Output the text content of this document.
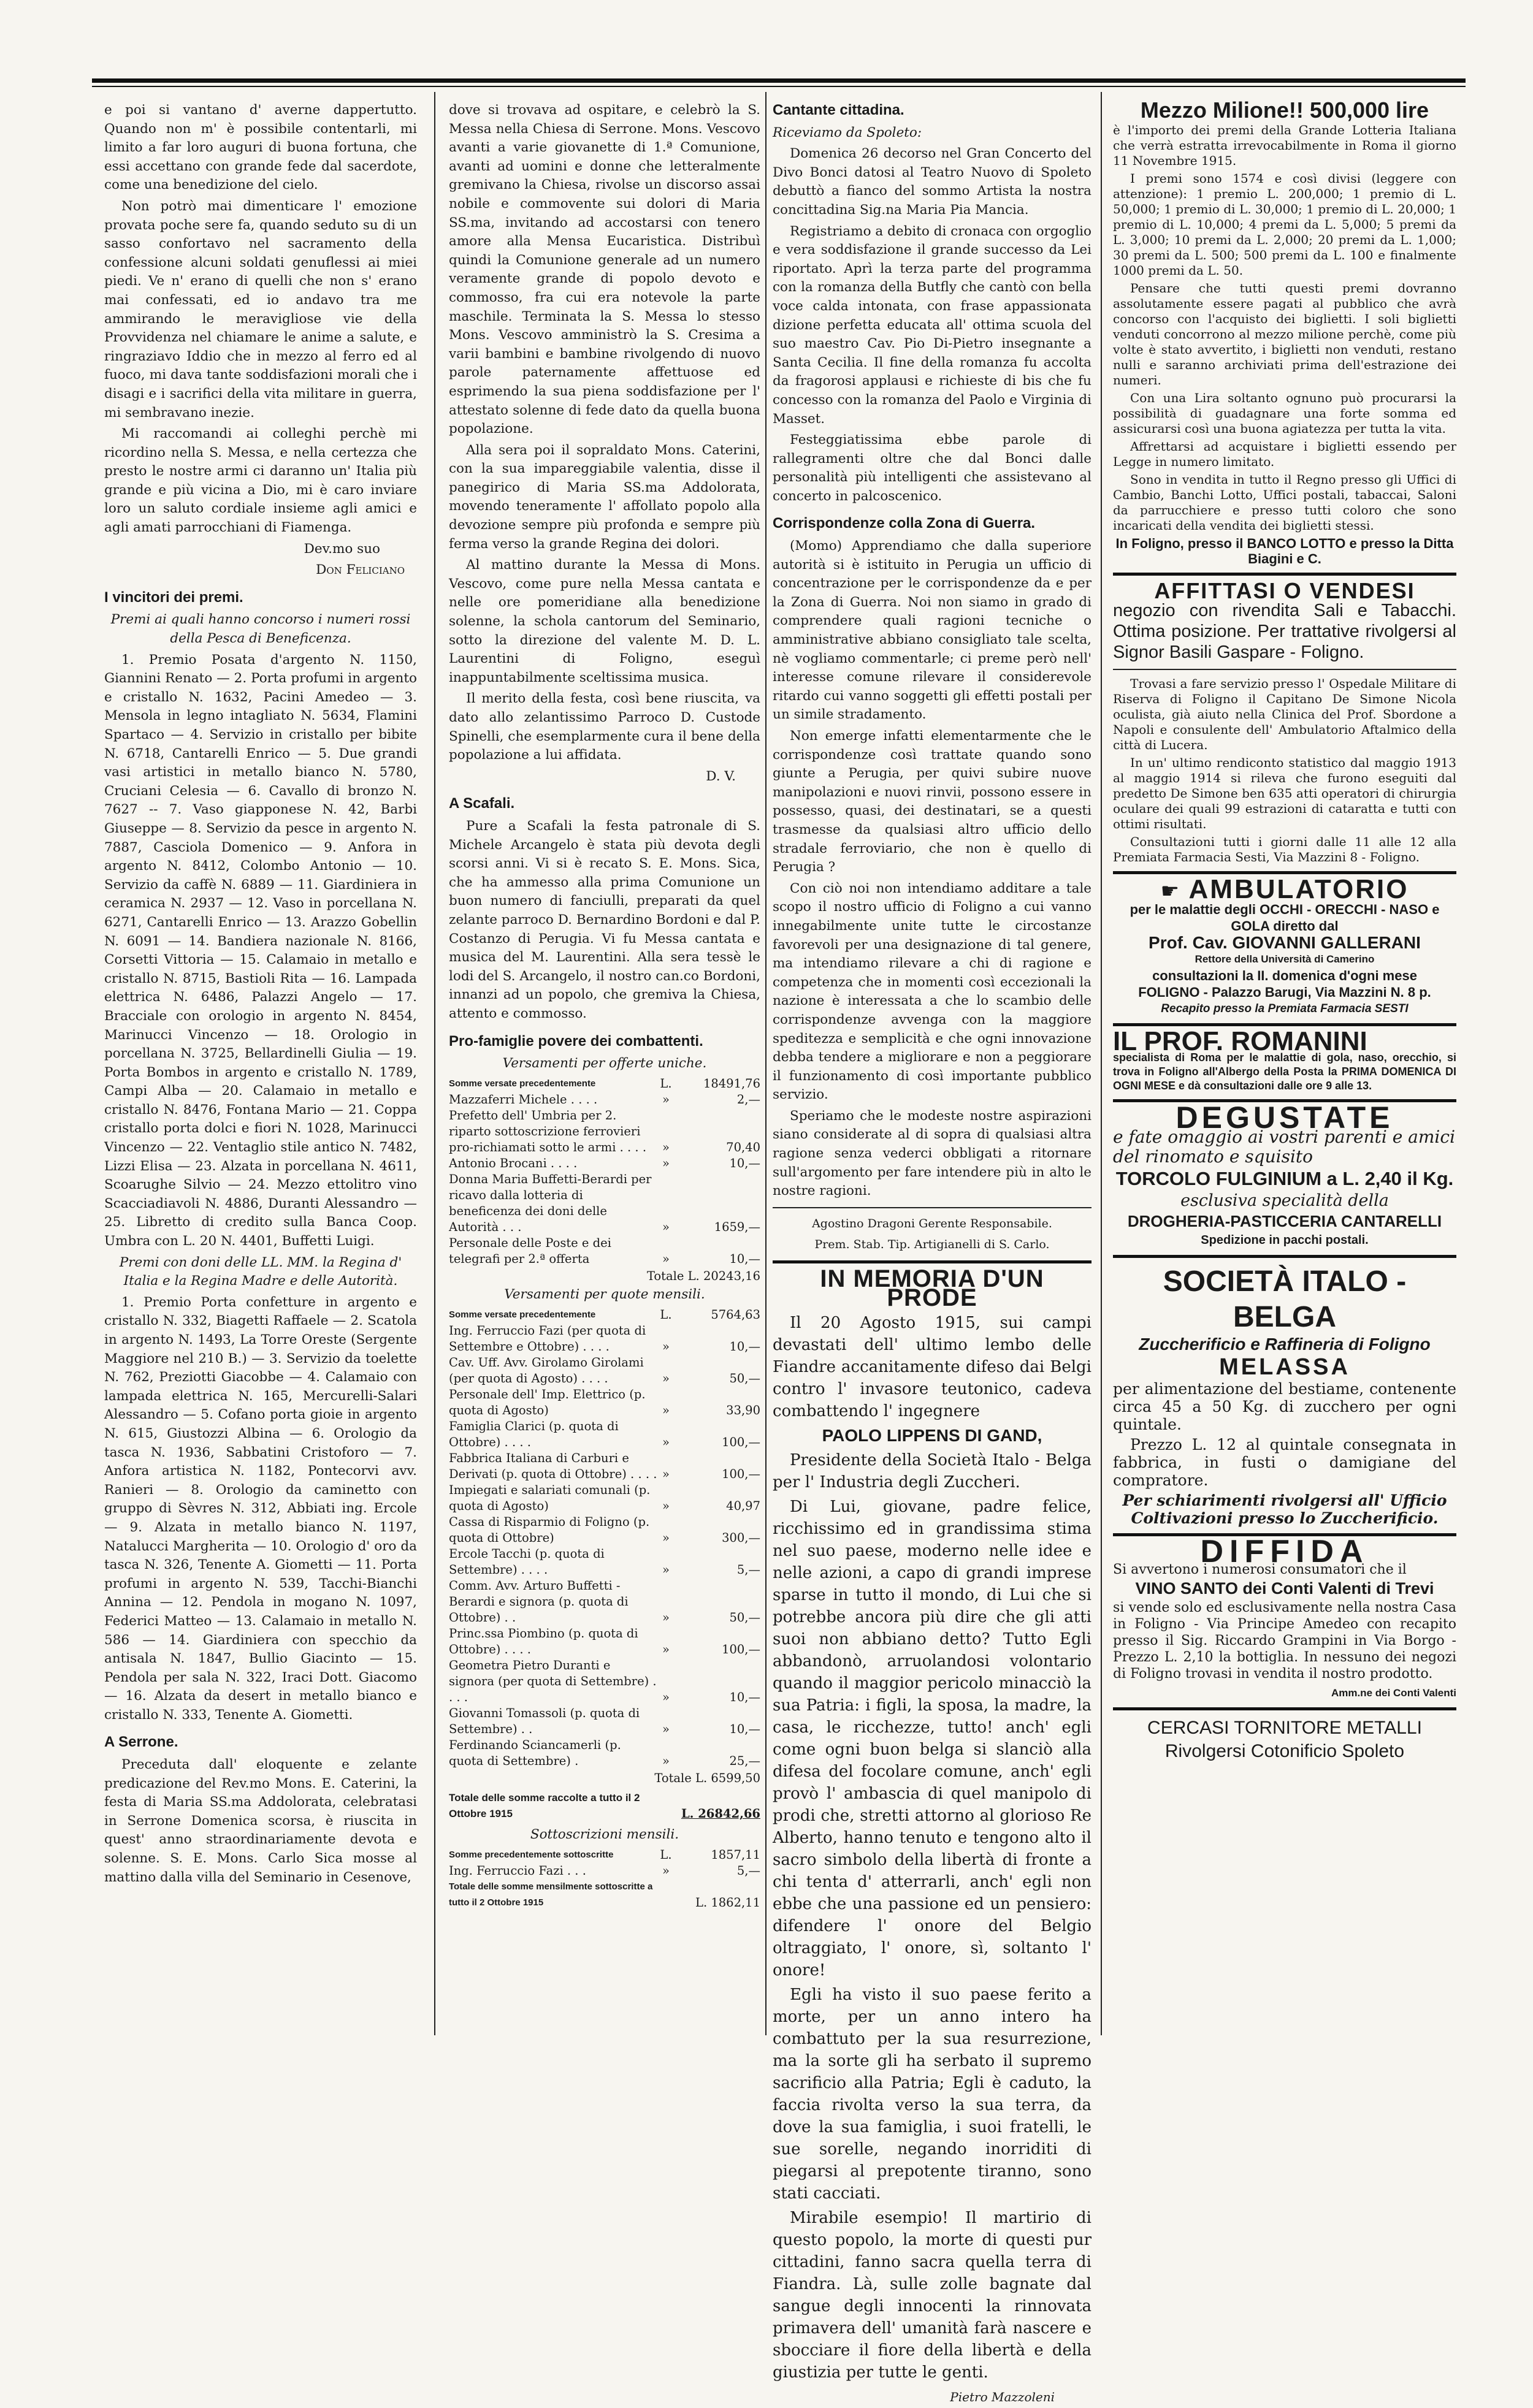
e poi si vantano d' averne dappertutto. Quando non m' è possibile contentarli, mi limito a far loro auguri di buona fortuna, che essi accettano con grande fede dal sacerdote, come una benedizione del cielo.

Non potrò mai dimenticare l' emozione provata poche sere fa, quando seduto su di un sasso confortavo nel sacramento della confessione alcuni soldati genuflessi ai miei piedi. Ve n' erano di quelli che non s' erano mai confessati, ed io andavo tra me ammirando le meravigliose vie della Provvidenza nel chiamare le anime a salute, e ringraziavo Iddio che in mezzo al ferro ed al fuoco, mi dava tante soddisfazioni morali che i disagi e i sacrifici della vita militare in guerra, mi sembravano inezie.

Mi raccomandi ai colleghi perchè mi ricordino nella S. Messa, e nella certezza che presto le nostre armi ci daranno un' Italia più grande e più vicina a Dio, mi è caro inviare loro un saluto cordiale insieme agli amici e agli amati parrocchiani di Fiamenga.

Dev.mo suo

Don Feliciano

I vincitori dei premi.

Premi ai quali hanno concorso i numeri rossi della Pesca di Beneficenza.

1. Premio Posata d'argento N. 1150, Giannini Renato — 2. Porta profumi in argento e cristallo N. 1632, Pacini Amedeo — 3. Mensola in legno intagliato N. 5634, Flamini Spartaco — 4. Servizio in cristallo per bibite N. 6718, Cantarelli Enrico — 5. Due grandi vasi artistici in metallo bianco N. 5780, Cruciani Celesia — 6. Cavallo di bronzo N. 7627 -- 7. Vaso giapponese N. 42, Barbi Giuseppe — 8. Servizio da pesce in argento N. 7887, Casciola Domenico — 9. Anfora in argento N. 8412, Colombo Antonio — 10. Servizio da caffè N. 6889 — 11. Giardiniera in ceramica N. 2937 — 12. Vaso in porcellana N. 6271, Cantarelli Enrico — 13. Arazzo Gobellin N. 6091 — 14. Bandiera nazionale N. 8166, Corsetti Vittoria — 15. Calamaio in metallo e cristallo N. 8715, Bastioli Rita — 16. Lampada elettrica N. 6486, Palazzi Angelo — 17. Bracciale con orologio in argento N. 8454, Marinucci Vincenzo — 18. Orologio in porcellana N. 3725, Bellardinelli Giulia — 19. Porta Bombos in argento e cristallo N. 1789, Campi Alba — 20. Calamaio in metallo e cristallo N. 8476, Fontana Mario — 21. Coppa cristallo porta dolci e fiori N. 1028, Marinucci Vincenzo — 22. Ventaglio stile antico N. 7482, Lizzi Elisa — 23. Alzata in porcellana N. 4611, Scoarughe Silvio — 24. Mezzo ettolitro vino Scacciadiavoli N. 4886, Duranti Alessandro — 25. Libretto di credito sulla Banca Coop. Umbra con L. 20 N. 4401, Buffetti Luigi.

Premi con doni delle LL. MM. la Regina d' Italia e la Regina Madre e delle Autorità.

1. Premio Porta confetture in argento e cristallo N. 332, Biagetti Raffaele — 2. Scatola in argento N. 1493, La Torre Oreste (Sergente Maggiore nel 210 B.) — 3. Servizio da toelette N. 762, Preziotti Giacobbe — 4. Calamaio con lampada elettrica N. 165, Mercurelli-Salari Alessandro — 5. Cofano porta gioie in argento N. 615, Giustozzi Albina — 6. Orologio da tasca N. 1936, Sabbatini Cristoforo — 7. Anfora artistica N. 1182, Pontecorvi avv. Ranieri — 8. Orologio da caminetto con gruppo di Sèvres N. 312, Abbiati ing. Ercole — 9. Alzata in metallo bianco N. 1197, Natalucci Margherita — 10. Orologio d' oro da tasca N. 326, Tenente A. Giometti — 11. Porta profumi in argento N. 539, Tacchi-Bianchi Annina — 12. Pendola in mogano N. 1097, Federici Matteo — 13. Calamaio in metallo N. 586 — 14. Giardiniera con specchio da antisala N. 1847, Bullio Giacinto — 15. Pendola per sala N. 322, Iraci Dott. Giacomo — 16. Alzata da desert in metallo bianco e cristallo N. 333, Tenente A. Giometti.

A Serrone.

Preceduta dall' eloquente e zelante predicazione del Rev.mo Mons. E. Caterini, la festa di Maria SS.ma Addolorata, celebratasi in Serrone Domenica scorsa, è riuscita in quest' anno straordinariamente devota e solenne. S. E. Mons. Carlo Sica mosse al mattino dalla villa del Seminario in Cesenove,

dove si trovava ad ospitare, e celebrò la S. Messa nella Chiesa di Serrone. Mons. Vescovo avanti a varie giovanette di 1.ª Comunione, avanti ad uomini e donne che letteralmente gremivano la Chiesa, rivolse un discorso assai nobile e commovente sui dolori di Maria SS.ma, invitando ad accostarsi con tenero amore alla Mensa Eucaristica. Distribuì quindi la Comunione generale ad un numero veramente grande di popolo devoto e commosso, fra cui era notevole la parte maschile. Terminata la S. Messa lo stesso Mons. Vescovo amministrò la S. Cresima a varii bambini e bambine rivolgendo di nuovo parole paternamente affettuose ed esprimendo la sua piena soddisfazione per l' attestato solenne di fede dato da quella buona popolazione.

Alla sera poi il sopraldato Mons. Caterini, con la sua impareggiabile valentia, disse il panegirico di Maria SS.ma Addolorata, movendo teneramente l' affollato popolo alla devozione sempre più profonda e sempre più ferma verso la grande Regina dei dolori.

Al mattino durante la Messa di Mons. Vescovo, come pure nella Messa cantata e nelle ore pomeridiane alla benedizione solenne, la schola cantorum del Seminario, sotto la direzione del valente M. D. L. Laurentini di Foligno, eseguì inappuntabilmente sceltissima musica.

Il merito della festa, così bene riuscita, va dato allo zelantissimo Parroco D. Custode Spinelli, che esemplarmente cura il bene della popolazione a lui affidata.

D. V.

A Scafali.

Pure a Scafali la festa patronale di S. Michele Arcangelo è stata più devota degli scorsi anni. Vi si è recato S. E. Mons. Sica, che ha ammesso alla prima Comunione un buon numero di fanciulli, preparati da quel zelante parroco D. Bernardino Bordoni e dal P. Costanzo di Perugia. Vi fu Messa cantata e musica del M. Laurentini. Alla sera tessè le lodi del S. Arcangelo, il nostro can.co Bordoni, innanzi ad un popolo, che gremiva la Chiesa, attento e commosso.

Pro-famiglie povere dei combattenti.

Versamenti per offerte uniche.

Somme versate precedentemente	L.	18491,76
Mazzaferri Michele . . . .	»	2,—
Prefetto dell' Umbria per 2. riparto sottoscrizione ferrovieri pro-richiamati sotto le armi . . . .	»	70,40
Antonio Brocani . . . .	»	10,—
Donna Maria Buffetti-Berardi per ricavo dalla lotteria di beneficenza dei doni delle Autorità . . .	»	1659,—
Personale delle Poste e dei telegrafi per 2.ª offerta	»	10,—
Totale L. 20243,16

Versamenti per quote mensili.

Somme versate precedentemente	L.	5764,63
Ing. Ferruccio Fazi (per quota di Settembre e Ottobre) . . . .	»	10,—
Cav. Uff. Avv. Girolamo Girolami (per quota di Agosto) . . . .	»	50,—
Personale dell' Imp. Elettrico (p. quota di Agosto)	»	33,90
Famiglia Clarici (p. quota di Ottobre) . . . .	»	100,—
Fabbrica Italiana di Carburi e Derivati (p. quota di Ottobre) . . . .	»	100,—
Impiegati e salariati comunali (p. quota di Agosto)	»	40,97
Cassa di Risparmio di Foligno (p. quota di Ottobre)	»	300,—
Ercole Tacchi (p. quota di Settembre) . . . .	»	5,—
Comm. Avv. Arturo Buffetti - Berardi e signora (p. quota di Ottobre) . .	»	50,—
Princ.ssa Piombino (p. quota di Ottobre) . . . .	»	100,—
Geometra Pietro Duranti e signora (per quota di Settembre) . . . .	»	10,—
Giovanni Tomassoli (p. quota di Settembre) . .	»	10,—
Ferdinando Sciancamerli (p. quota di Settembre) .	»	25,—
Totale L. 6599,50
Totale delle somme raccolte a tutto il 2 Ottobre 1915	L. 26842,66

Sottoscrizioni mensili.

Somme precedentemente sottoscritte	L.	1857,11
Ing. Ferruccio Fazi . . .	»	5,—
Totale delle somme mensilmente sottoscritte a tutto il 2 Ottobre 1915	L. 1862,11
Cantante cittadina.

Riceviamo da Spoleto:

Domenica 26 decorso nel Gran Concerto del Divo Bonci datosi al Teatro Nuovo di Spoleto debuttò a fianco del sommo Artista la nostra concittadina Sig.na Maria Pia Mancia.

Registriamo a debito di cronaca con orgoglio e vera soddisfazione il grande successo da Lei riportato. Aprì la terza parte del programma con la romanza della Butfly che cantò con bella voce calda intonata, con frase appassionata dizione perfetta educata all' ottima scuola del suo maestro Cav. Pio Di-Pietro insegnante a Santa Cecilia. Il fine della romanza fu accolta da fragorosi applausi e richieste di bis che fu concesso con la romanza del Paolo e Virginia di Masset.

Festeggiatissima ebbe parole di rallegramenti oltre che dal Bonci dalle personalità più intelligenti che assistevano al concerto in palcoscenico.

Corrispondenze colla Zona di Guerra.

(Momo) Apprendiamo che dalla superiore autorità si è istituito in Perugia un ufficio di concentrazione per le corrispondenze da e per la Zona di Guerra. Noi non siamo in grado di comprendere quali ragioni tecniche o amministrative abbiano consigliato tale scelta, nè vogliamo commentarle; ci preme però nell' interesse comune rilevare il considerevole ritardo cui vanno soggetti gli effetti postali per un simile stradamento.

Non emerge infatti elementarmente che le corrispondenze così trattate quando sono giunte a Perugia, per quivi subire nuove manipolazioni e nuovi rinvii, possono essere in possesso, quasi, dei destinatari, se a questi trasmesse da qualsiasi altro ufficio dello stradale ferroviario, che non è quello di Perugia ?

Con ciò noi non intendiamo additare a tale scopo il nostro ufficio di Foligno a cui vanno innegabilmente unite tutte le circostanze favorevoli per una designazione di tal genere, ma intendiamo rilevare a chi di ragione e competenza che in momenti così eccezionali la nazione è interessata a che lo scambio delle corrispondenze avvenga con la maggiore speditezza e semplicità e che ogni innovazione debba tendere a migliorare e non a peggiorare il funzionamento di così importante pubblico servizio.

Speriamo che le modeste nostre aspirazioni siano considerate al di sopra di qualsiasi altra ragione senza vederci obbligati a ritornare sull'argomento per fare intendere più in alto le nostre ragioni.

Agostino Dragoni Gerente Responsabile.

Prem. Stab. Tip. Artigianelli di S. Carlo.

IN MEMORIA D'UN PRODE

Il 20 Agosto 1915, sui campi devastati dell' ultimo lembo delle Fiandre accanitamente difeso dai Belgi contro l' invasore teutonico, cadeva combattendo l' ingegnere

PAOLO LIPPENS DI GAND,

Presidente della Società Italo - Belga per l' Industria degli Zuccheri.

Di Lui, giovane, padre felice, ricchissimo ed in grandissima stima nel suo paese, moderno nelle idee e nelle azioni, a capo di grandi imprese sparse in tutto il mondo, di Lui che si potrebbe ancora più dire che gli atti suoi non abbiano detto? Tutto Egli abbandonò, arruolandosi volontario quando il maggior pericolo minacciò la sua Patria: i figli, la sposa, la madre, la casa, le ricchezze, tutto! anch' egli come ogni buon belga si slanciò alla difesa del focolare comune, anch' egli provò l' ambascia di quel manipolo di prodi che, stretti attorno al glorioso Re Alberto, hanno tenuto e tengono alto il sacro simbolo della libertà di fronte a chi tenta d' atterrarli, anch' egli non ebbe che una passione ed un pensiero: difendere l' onore del Belgio oltraggiato, l' onore, sì, soltanto l' onore!

Egli ha visto il suo paese ferito a morte, per un anno intero ha combattuto per la sua resurrezione, ma la sorte gli ha serbato il supremo sacrificio alla Patria; Egli è caduto, la faccia rivolta verso la sua terra, da dove la sua famiglia, i suoi fratelli, le sue sorelle, negando inorriditi di piegarsi al prepotente tiranno, sono stati cacciati.

Mirabile esempio! Il martirio di questo popolo, la morte di questi pur cittadini, fanno sacra quella terra di Fiandra. Là, sulle zolle bagnate dal sangue degli innocenti la rinnovata primavera dell' umanità farà nascere e sbocciare il fiore della libertà e della giustizia per tutte le genti.

Pietro Mazzoleni

Mezzo Milione!! 500,000 lire

è l'importo dei premi della Grande Lotteria Italiana che verrà estratta irrevocabilmente in Roma il giorno 11 Novembre 1915.

I premi sono 1574 e così divisi (leggere con attenzione): 1 premio L. 200,000; 1 premio di L. 50,000; 1 premio di L. 30,000; 1 premio di L. 20,000; 1 premio di L. 10,000; 4 premi da L. 5,000; 5 premi da L. 3,000; 10 premi da L. 2,000; 20 premi da L. 1,000; 30 premi da L. 500; 500 premi da L. 100 e finalmente 1000 premi da L. 50.

Pensare che tutti questi premi dovranno assolutamente essere pagati al pubblico che avrà concorso con l'acquisto dei biglietti. I soli biglietti venduti concorrono al mezzo milione perchè, come più volte è stato avvertito, i biglietti non venduti, restano nulli e saranno archiviati prima dell'estrazione dei numeri.

Con una Lira soltanto ognuno può procurarsi la possibilità di guadagnare una forte somma ed assicurarsi così una buona agiatezza per tutta la vita.

Affrettarsi ad acquistare i biglietti essendo per Legge in numero limitato.

Sono in vendita in tutto il Regno presso gli Uffici di Cambio, Banchi Lotto, Uffici postali, tabaccai, Saloni da parrucchiere e presso tutti coloro che sono incaricati della vendita dei biglietti stessi.

In Foligno, presso il BANCO LOTTO e presso la Ditta Biagini e C.

AFFITTASI O VENDESI

negozio con rivendita Sali e Tabacchi. Ottima posizione. Per trattative rivolgersi al Signor Basili Gaspare - Foligno.

Trovasi a fare servizio presso l' Ospedale Militare di Riserva di Foligno il Capitano De Simone Nicola oculista, già aiuto nella Clinica del Prof. Sbordone a Napoli e consulente dell' Ambulatorio Aftalmico della città di Lucera.

In un' ultimo rendiconto statistico dal maggio 1913 al maggio 1914 si rileva che furono eseguiti dal predetto De Simone ben 635 atti operatori di chirurgia oculare dei quali 99 estrazioni di cataratta e tutti con ottimi risultati.

Consultazioni tutti i giorni dalle 11 alle 12 alla Premiata Farmacia Sesti, Via Mazzini 8 - Foligno.

☛ AMBULATORIO
per le malattie degli OCCHI - ORECCHI - NASO e GOLA diretto dal
Prof. Cav. GIOVANNI GALLERANI
Rettore della Università di Camerino
consultazioni la II. domenica d'ogni mese
FOLIGNO - Palazzo Barugi, Via Mazzini N. 8 p.
Recapito presso la Premiata Farmacia SESTI
IL PROF. ROMANINI

specialista di Roma per le malattie di gola, naso, orecchio, si trova in Foligno all'Albergo della Posta la PRIMA DOMENICA DI OGNI MESE e dà consultazioni dalle ore 9 alle 13.

DEGUSTATE
e fate omaggio ai vostri parenti e amici del rinomato e squisito
TORCOLO FULGINIUM a L. 2,40 il Kg.
esclusiva specialità della
DROGHERIA-PASTICCERIA CANTARELLI
Spedizione in pacchi postali.
SOCIETÀ ITALO - BELGA
Zuccherificio e Raffineria di Foligno
MELASSA

per alimentazione del bestiame, contenente circa 45 a 50 Kg. di zucchero per ogni quintale.

Prezzo L. 12 al quintale consegnata in fabbrica, in fusti o damigiane del compratore.

Per schiarimenti rivolgersi all' Ufficio Coltivazioni presso lo Zuccherificio.

DIFFIDA

Si avvertono i numerosi consumatori che il

VINO SANTO dei Conti Valenti di Trevi

si vende solo ed esclusivamente nella nostra Casa in Foligno - Via Principe Amedeo con recapito presso il Sig. Riccardo Grampini in Via Borgo - Prezzo L. 2,10 la bottiglia. In nessuno dei negozi di Foligno trovasi in vendita il nostro prodotto.

Amm.ne dei Conti Valenti

CERCASI TORNITORE METALLI
Rivolgersi Cotonificio Spoleto
